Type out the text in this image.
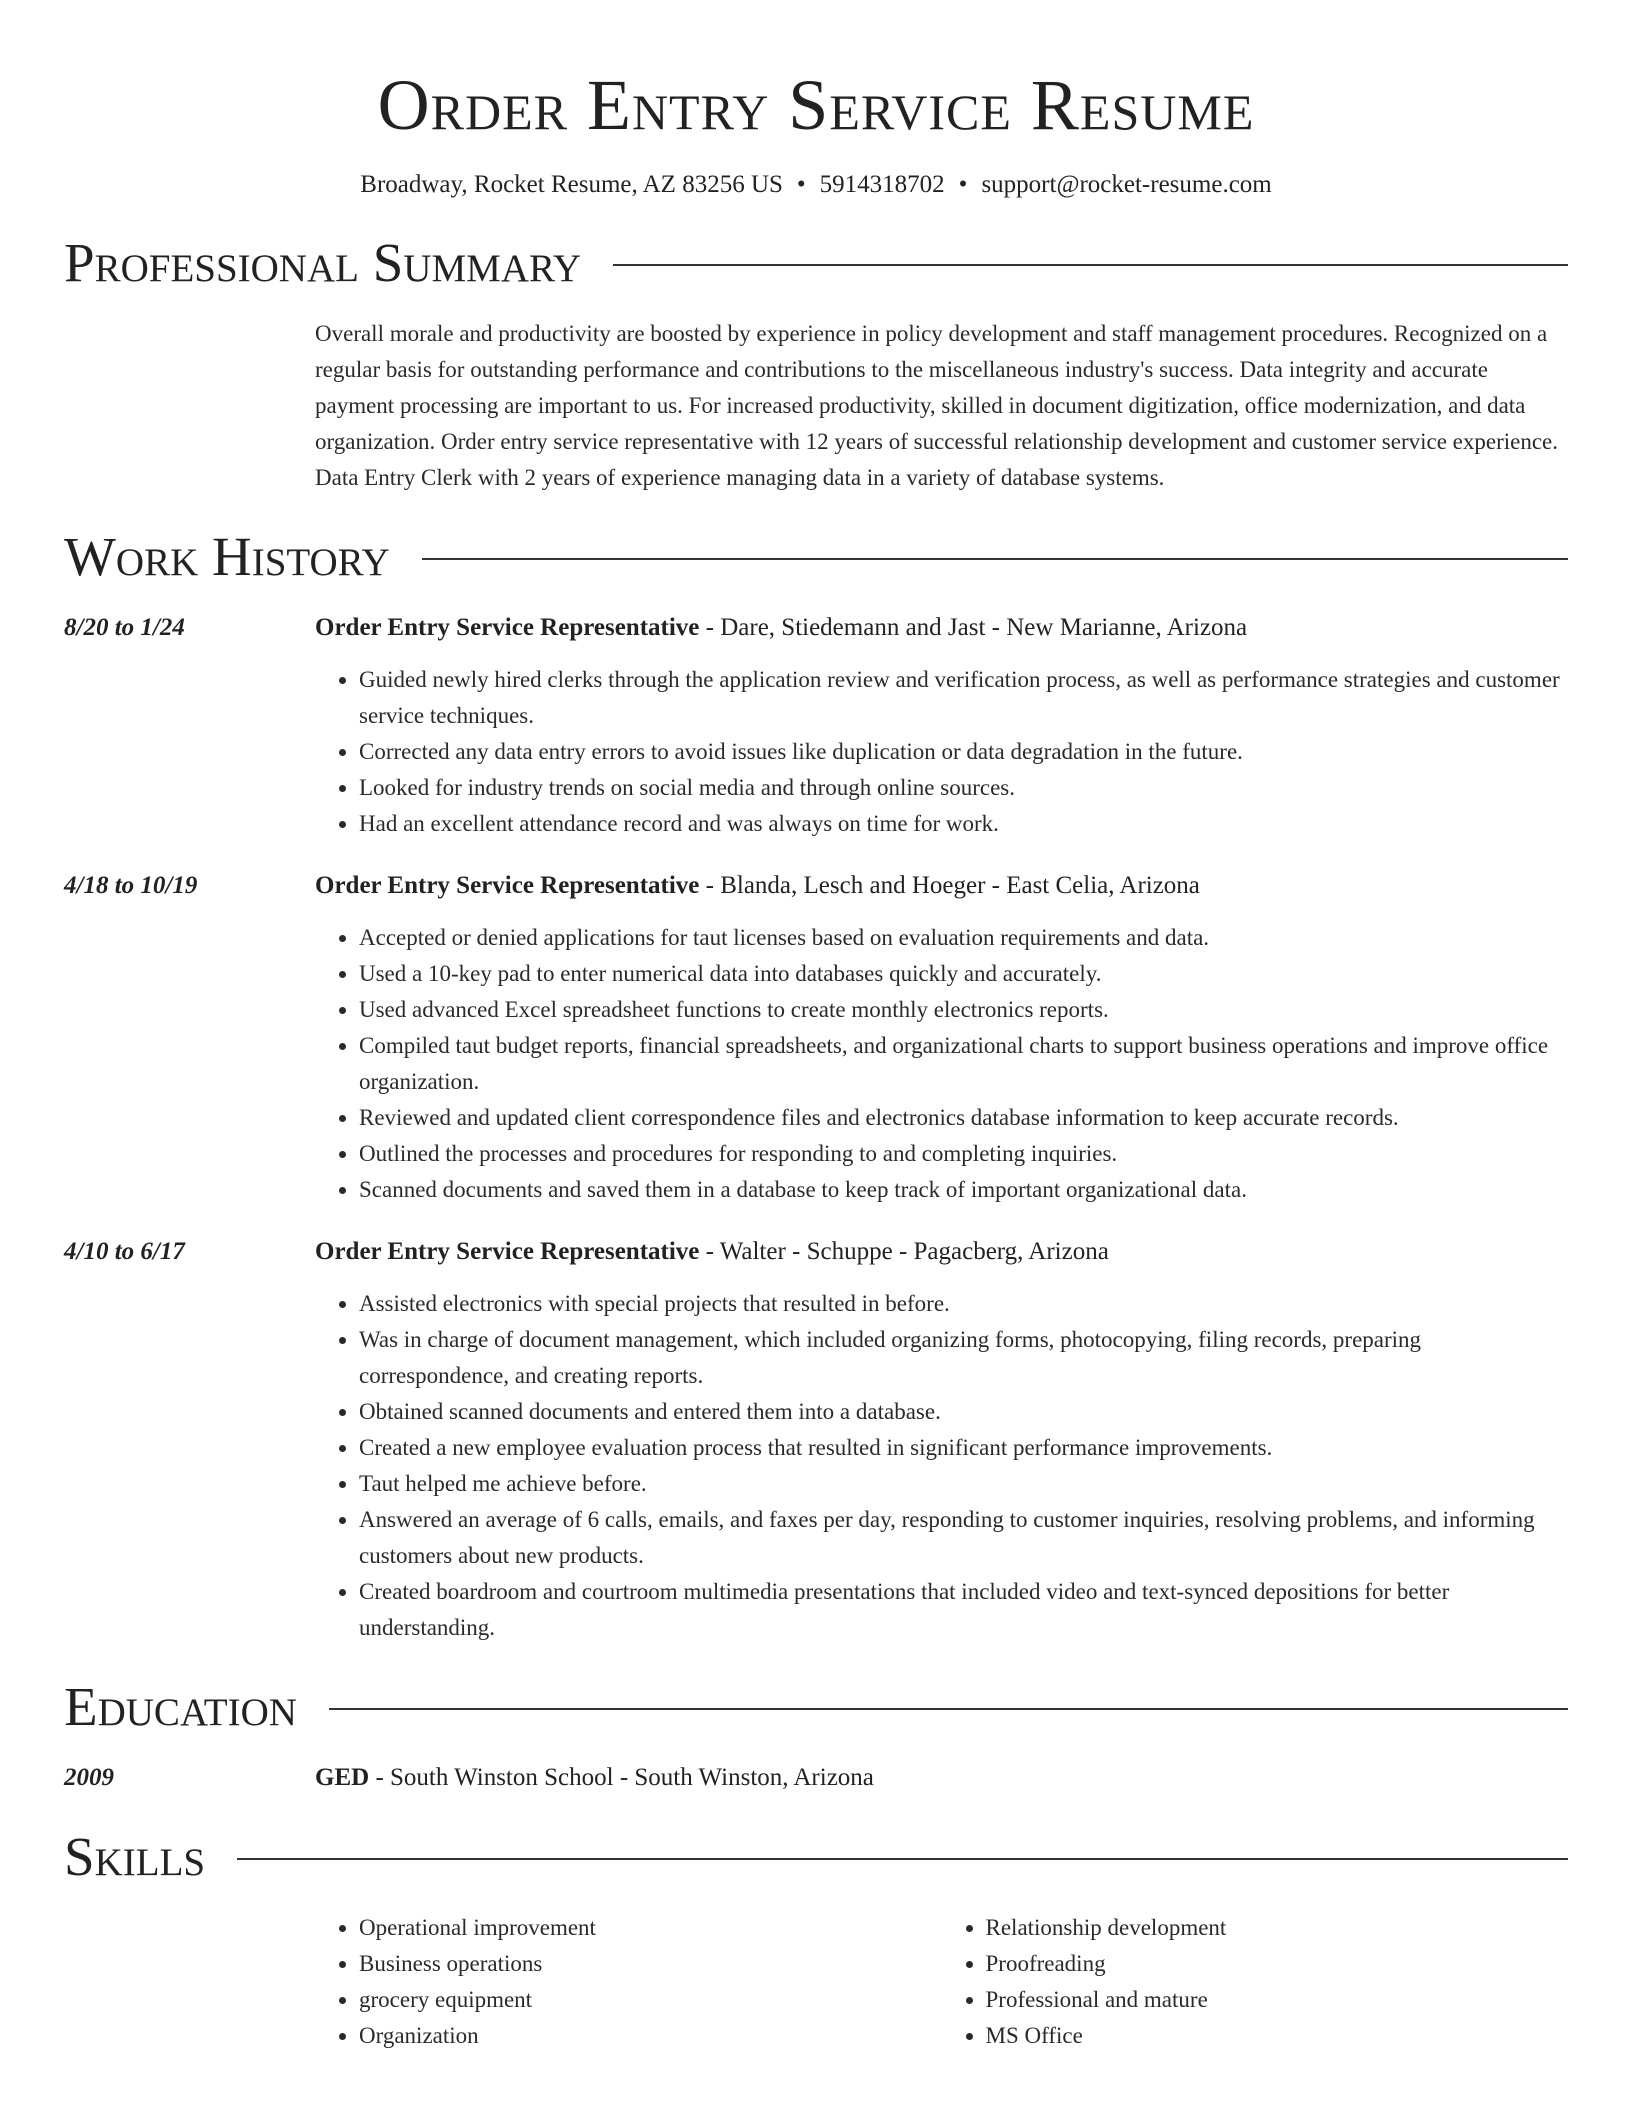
Order Entry Service Resume
Broadway, Rocket Resume, AZ 83256 US • 5914318702 • support@rocket-resume.com
Professional Summary
Overall morale and productivity are boosted by experience in policy development and staff management procedures. Recognized on a regular basis for outstanding performance and contributions to the miscellaneous industry's success. Data integrity and accurate payment processing are important to us. For increased productivity, skilled in document digitization, office modernization, and data organization. Order entry service representative with 12 years of successful relationship development and customer service experience. Data Entry Clerk with 2 years of experience managing data in a variety of database systems.
Work History
8/20 to 1/24	Order Entry Service Representative - Dare, Stiedemann and Jast - New Marianne, Arizona
• Guided newly hired clerks through the application review and verification process, as well as performance strategies and customer service techniques.
• Corrected any data entry errors to avoid issues like duplication or data degradation in the future.
• Looked for industry trends on social media and through online sources.
• Had an excellent attendance record and was always on time for work.
4/18 to 10/19	Order Entry Service Representative - Blanda, Lesch and Hoeger - East Celia, Arizona
• Accepted or denied applications for taut licenses based on evaluation requirements and data.
• Used a 10-key pad to enter numerical data into databases quickly and accurately.
• Used advanced Excel spreadsheet functions to create monthly electronics reports.
• Compiled taut budget reports, financial spreadsheets, and organizational charts to support business operations and improve office organization.
• Reviewed and updated client correspondence files and electronics database information to keep accurate records.
• Outlined the processes and procedures for responding to and completing inquiries.
• Scanned documents and saved them in a database to keep track of important organizational data.
4/10 to 6/17	Order Entry Service Representative - Walter - Schuppe - Pagacberg, Arizona
• Assisted electronics with special projects that resulted in before.
• Was in charge of document management, which included organizing forms, photocopying, filing records, preparing correspondence, and creating reports.
• Obtained scanned documents and entered them into a database.
• Created a new employee evaluation process that resulted in significant performance improvements.
• Taut helped me achieve before.
• Answered an average of 6 calls, emails, and faxes per day, responding to customer inquiries, resolving problems, and informing customers about new products.
• Created boardroom and courtroom multimedia presentations that included video and text-synced depositions for better understanding.
Education
2009	GED - South Winston School - South Winston, Arizona
Skills
• Operational improvement
• Business operations
• grocery equipment
• Organization
• Relationship development
• Proofreading
• Professional and mature
• MS Office
